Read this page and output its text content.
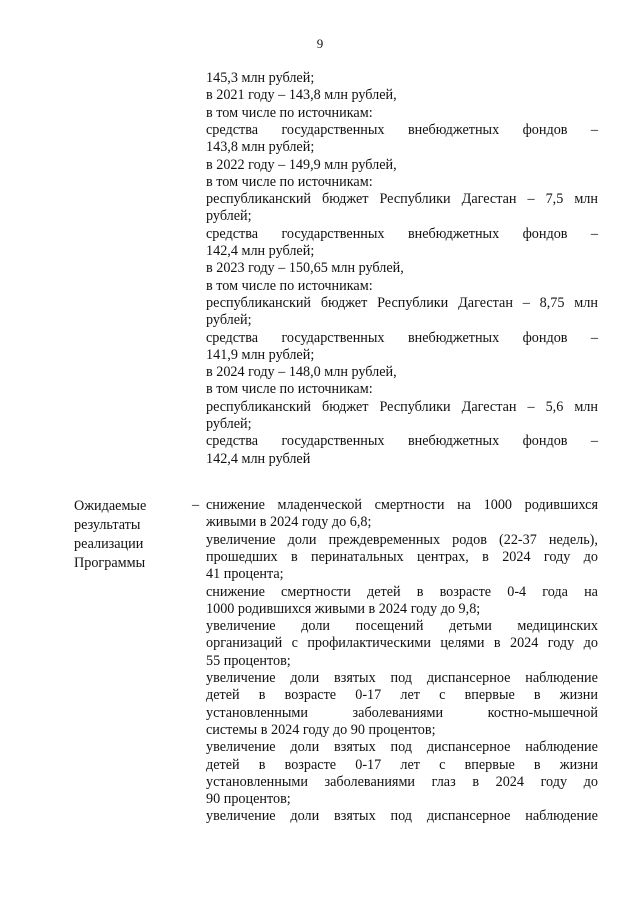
9
145,3 млн рублей;
в 2021 году – 143,8 млн рублей,
в том числе по источникам:
средства государственных внебюджетных фондов –
143,8 млн рублей;
в 2022 году – 149,9 млн рублей,
в том числе по источникам:
республиканский бюджет Республики Дагестан – 7,5 млн
рублей;
средства государственных внебюджетных фондов –
142,4 млн рублей;
в 2023 году – 150,65 млн рублей,
в том числе по источникам:
республиканский бюджет Республики Дагестан – 8,75 млн
рублей;
средства государственных внебюджетных фондов –
141,9 млн рублей;
в 2024 году – 148,0 млн рублей,
в том числе по источникам:
республиканский бюджет Республики Дагестан – 5,6 млн
рублей;
средства государственных внебюджетных фондов –
142,4 млн рублей
Ожидаемые
результаты
реализации
Программы
– снижение младенческой смертности на 1000 родившихся
живыми в 2024 году до 6,8;
увеличение доли преждевременных родов (22-37 недель),
прошедших в перинатальных центрах, в 2024 году до
41 процента;
снижение смертности детей в возрасте 0-4 года на
1000 родившихся живыми в 2024 году до 9,8;
увеличение доли посещений детьми медицинских
организаций с профилактическими целями в 2024 году до
55 процентов;
увеличение доли взятых под диспансерное наблюдение
детей в возрасте 0-17 лет с впервые в жизни
установленными	заболеваниями	костно-мышечной
системы в 2024 году до 90 процентов;
увеличение доли взятых под диспансерное наблюдение
детей в возрасте 0-17 лет с впервые в жизни
установленными заболеваниями глаз в 2024 году до
90 процентов;
увеличение доли взятых под диспансерное наблюдение
